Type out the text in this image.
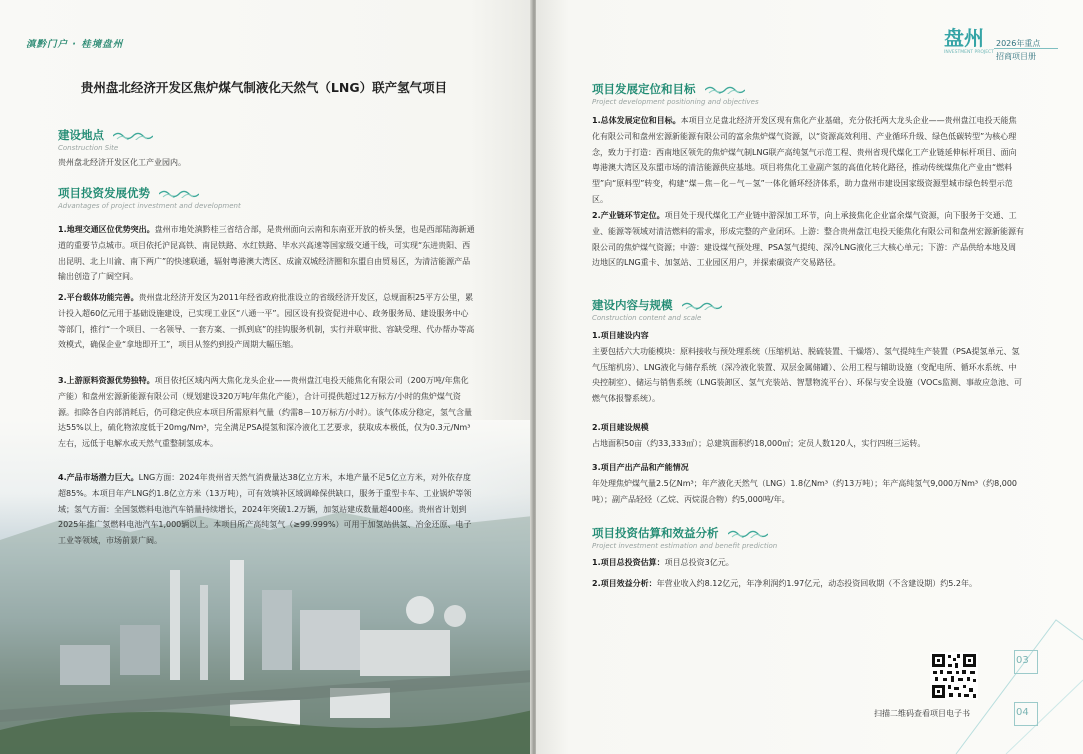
滇黔门户 · 桂境盘州
贵州盘北经济开发区焦炉煤气制液化天然气（LNG）联产氢气项目
建设地点
Construction Site
贵州盘北经济开发区化工产业园内。
项目投资发展优势
Advantages of project investment and development
1.地理交通区位优势突出。盘州市地处滇黔桂三省结合部，是贵州面向云南和东南亚开放的桥头堡，也是西部陆海新通道的重要节点城市。项目依托沪昆高铁、南昆铁路、水红铁路、毕水兴高速等国家级交通干线，可实现“东进贵阳、西出昆明、北上川渝、南下两广”的快速联通，辐射粤港澳大湾区、成渝双城经济圈和东盟自由贸易区，为清洁能源产品输出创造了广阔空间。
2.平台载体功能完善。贵州盘北经济开发区为2011年经省政府批准设立的省级经济开发区，总规面积25平方公里，累计投入超60亿元用于基础设施建设，已实现工业区“八通一平”。园区设有投资促进中心、政务服务局、建设服务中心等部门，推行“一个项目、一名领导、一套方案、一抓到底”的挂钩服务机制，实行并联审批、容缺受理、代办帮办等高效模式，确保企业“拿地即开工”，项目从签约到投产周期大幅压缩。
3.上游原料资源优势独特。项目依托区域内两大焦化龙头企业——贵州盘江电投天能焦化有限公司（200万吨/年焦化产能）和盘州宏源新能源有限公司（规划建设320万吨/年焦化产能），合计可提供超过12万标方/小时的焦炉煤气资源。扣除各自内部消耗后，仍可稳定供应本项目所需原料气量（约需8－10万标方/小时）。该气体成分稳定，氢气含量达55%以上，硫化物浓度低于20mg/Nm³，完全满足PSA提氢和深冷液化工艺要求，获取成本极低，仅为0.3元/Nm³左右，远低于电解水或天然气重整制氢成本。
4.产品市场潜力巨大。LNG方面：2024年贵州省天然气消费量达38亿立方米，本地产量不足5亿立方米，对外依存度超85%。本项目年产LNG约1.8亿立方米（13万吨），可有效填补区域调峰保供缺口，服务于重型卡车、工业锅炉等领域；氢气方面：全国氢燃料电池汽车销量持续增长，2024年突破1.2万辆，加氢站建成数量超400座。贵州省计划到2025年推广氢燃料电池汽车1,000辆以上。本项目所产高纯氢气（≥99.999%）可用于加氢站供氢、冶金还原、电子工业等领域，市场前景广阔。
盘州
INVESTMENT PROJECT
2026年重点
招商项目册
项目发展定位和目标
Project development positioning and objectives
1.总体发展定位和目标。本项目立足盘北经济开发区现有焦化产业基础，充分依托两大龙头企业——贵州盘江电投天能焦化有限公司和盘州宏源新能源有限公司的富余焦炉煤气资源，以“资源高效利用、产业循环升级、绿色低碳转型”为核心理念，致力于打造：西南地区领先的焦炉煤气制LNG联产高纯氢气示范工程、贵州省现代煤化工产业链延伸标杆项目、面向粤港澳大湾区及东盟市场的清洁能源供应基地。项目将焦化工业副产氢的高值化转化路径，推动传统煤焦化产业由“燃料型”向“原料型”转变，构建“煤－焦－化－气－氢”一体化循环经济体系，助力盘州市建设国家级资源型城市绿色转型示范区。
2.产业链环节定位。项目处于现代煤化工产业链中游深加工环节，向上承接焦化企业富余煤气资源，向下服务于交通、工业、能源等领域对清洁燃料的需求，形成完整的产业闭环。上游：整合贵州盘江电投天能焦化有限公司和盘州宏源新能源有限公司的焦炉煤气资源；中游：建设煤气预处理、PSA氢气提纯、深冷LNG液化三大核心单元；下游：产品供给本地及周边地区的LNG重卡、加氢站、工业园区用户，并探索碳资产交易路径。
建设内容与规模
Construction content and scale
1.项目建设内容
主要包括六大功能模块：原料接收与预处理系统（压缩机站、脱硫装置、干燥塔）、氢气提纯生产装置（PSA提氢单元、氢气压缩机房）、LNG液化与储存系统（深冷液化装置、双层金属储罐）、公用工程与辅助设施（变配电所、循环水系统、中央控制室）、储运与销售系统（LNG装卸区、氢气充装站、智慧物流平台）、环保与安全设施（VOCs监测、事故应急池、可燃气体报警系统）。
2.项目建设规模
占地面积50亩（约33,333㎡）；总建筑面积约18,000㎡；定员人数120人，实行四班三运转。
3.项目产出产品和产能情况
年处理焦炉煤气量2.5亿Nm³；年产液化天然气（LNG）1.8亿Nm³（约13万吨）；年产高纯氢气9,000万Nm³（约8,000吨）；副产品轻烃（乙烷、丙烷混合物）约5,000吨/年。
项目投资估算和效益分析
Project investment estimation and benefit prediction
1.项目总投资估算：项目总投资3亿元。
2.项目效益分析：年营业收入约8.12亿元，年净利润约1.97亿元，动态投资回收期（不含建设期）约5.2年。
03
04
扫描二维码查看项目电子书
